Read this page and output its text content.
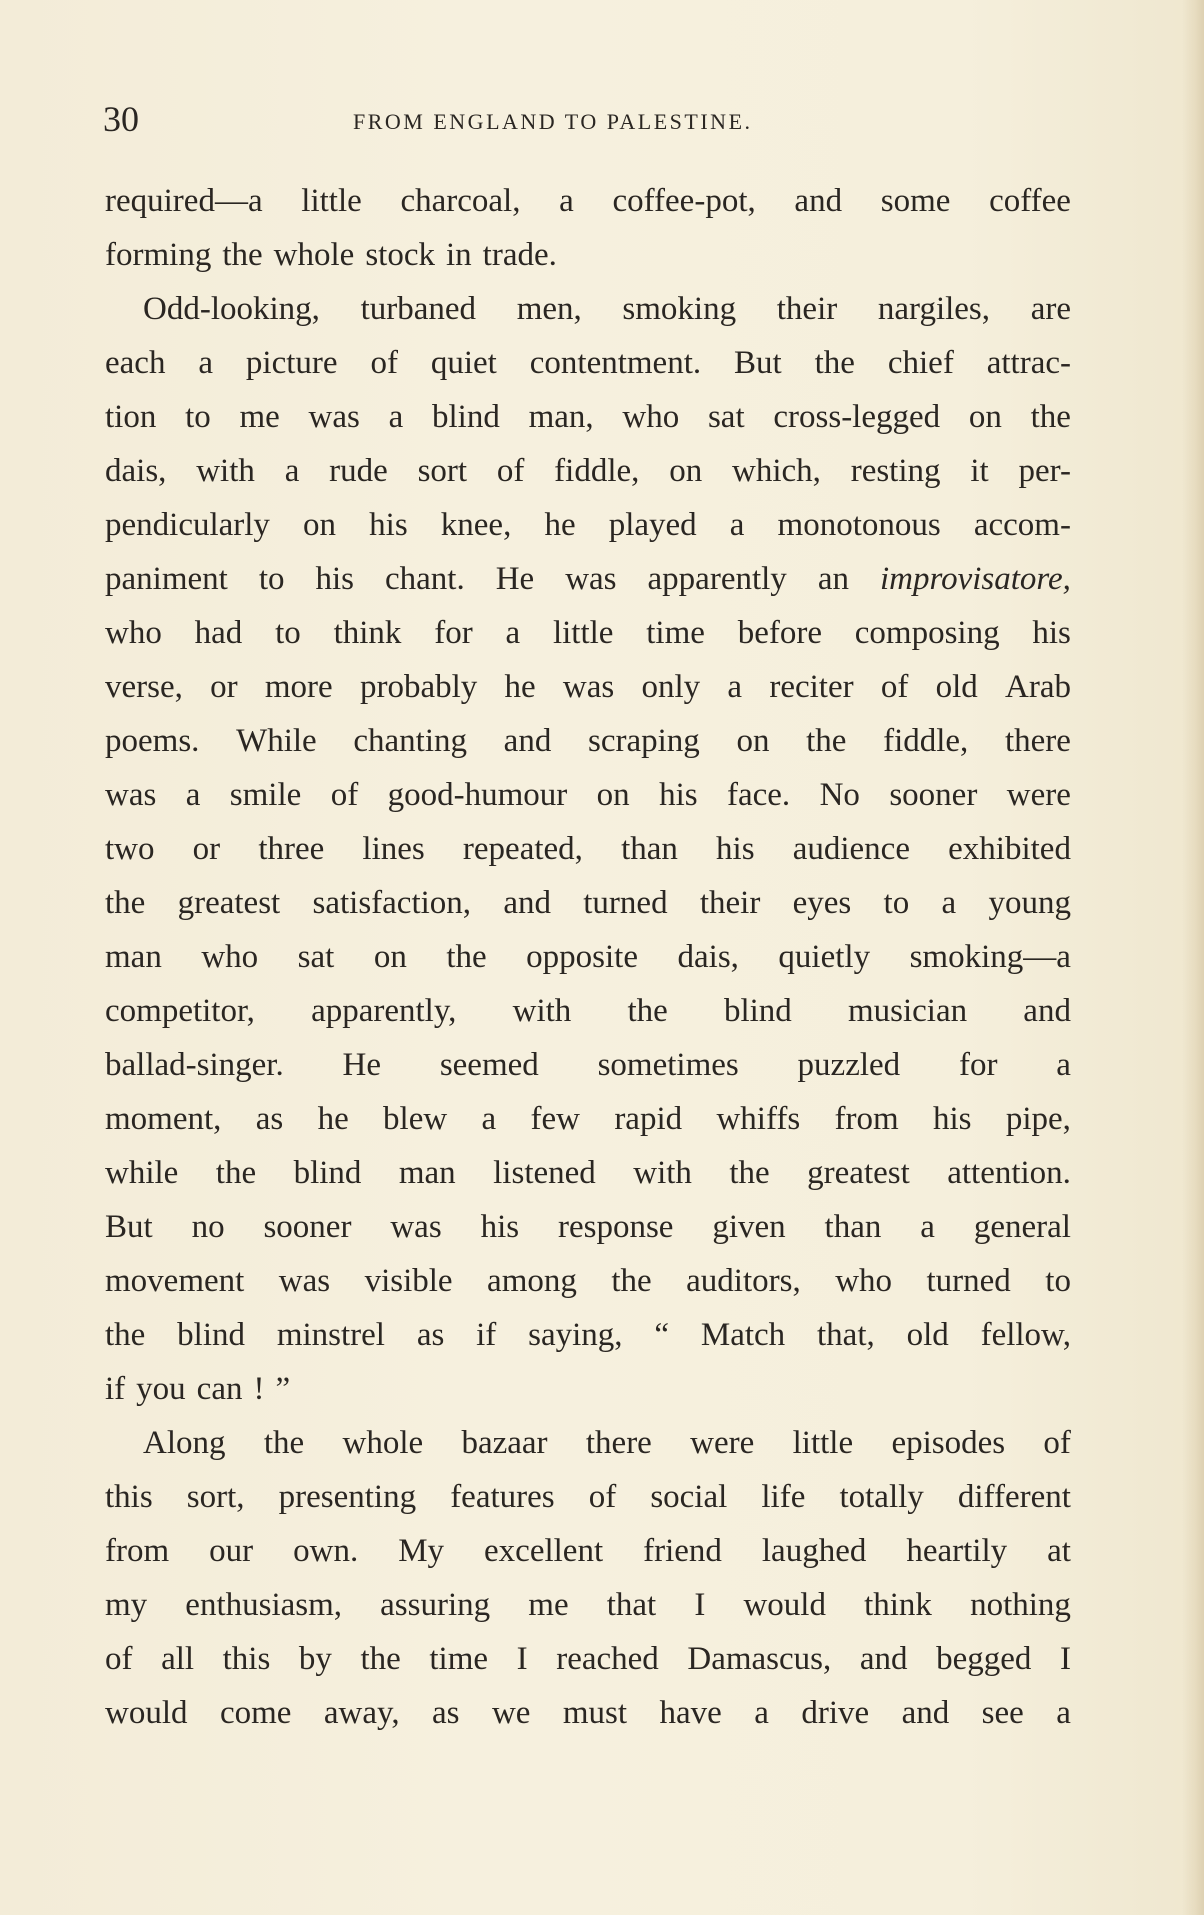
30	FROM ENGLAND TO PALESTINE.
required—a little charcoal, a coffee-pot, and some coffee
forming the whole stock in trade.
Odd-looking, turbaned men, smoking their nargiles, are
each a picture of quiet contentment. But the chief attrac-
tion to me was a blind man, who sat cross-legged on the
dais, with a rude sort of fiddle, on which, resting it per-
pendicularly on his knee, he played a monotonous accom-
paniment to his chant. He was apparently an improvisatore,
who had to think for a little time before composing his
verse, or more probably he was only a reciter of old Arab
poems. While chanting and scraping on the fiddle, there
was a smile of good-humour on his face. No sooner were
two or three lines repeated, than his audience exhibited
the greatest satisfaction, and turned their eyes to a young
man who sat on the opposite dais, quietly smoking—a
competitor, apparently, with the blind musician and
ballad-singer. He seemed sometimes puzzled for a
moment, as he blew a few rapid whiffs from his pipe,
while the blind man listened with the greatest attention.
But no sooner was his response given than a general
movement was visible among the auditors, who turned to
the blind minstrel as if saying, “ Match that, old fellow,
if you can ! ”
Along the whole bazaar there were little episodes of
this sort, presenting features of social life totally different
from our own. My excellent friend laughed heartily at
my enthusiasm, assuring me that I would think nothing
of all this by the time I reached Damascus, and begged I
would come away, as we must have a drive and see a
